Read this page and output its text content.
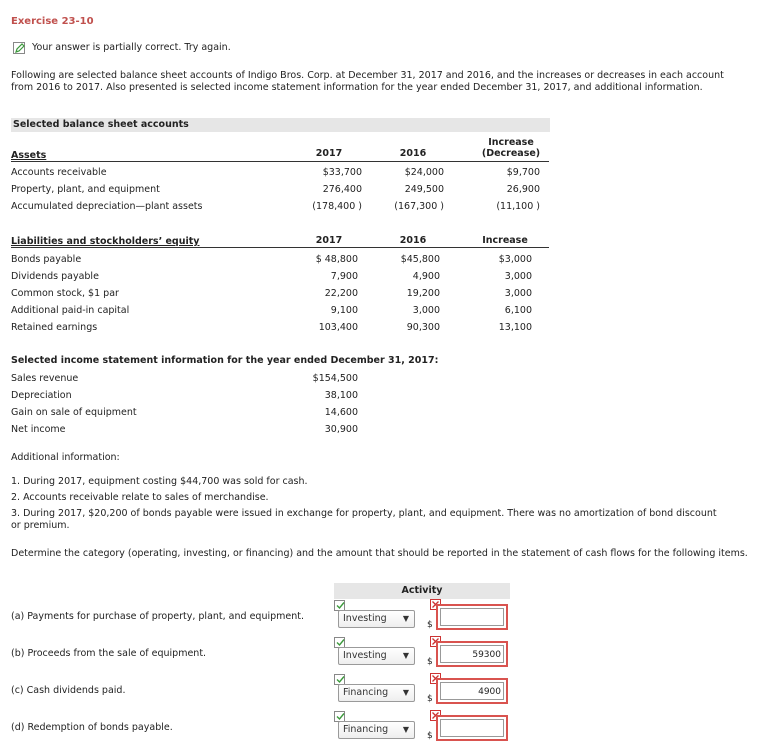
Exercise 23-10
Your answer is partially correct. Try again.
Following are selected balance sheet accounts of Indigo Bros. Corp. at December 31, 2017 and 2016, and the increases or decreases in each account from 2016 to 2017. Also presented is selected income statement information for the year ended December 31, 2017, and additional information.
Selected balance sheet accounts
Increase
(Decrease)
Assets	2017	2016
Accounts receivable	$33,700	$24,000	$9,700
Property, plant, and equipment	276,400	249,500	26,900
Accumulated depreciation—plant assets	(178,400 )	(167,300 )	(11,100 )
Liabilities and stockholders’ equity	2017	2016	Increase
Bonds payable	$ 48,800	$45,800	$3,000
Dividends payable	7,900	4,900	3,000
Common stock, $1 par	22,200	19,200	3,000
Additional paid-in capital	9,100	3,000	6,100
Retained earnings	103,400	90,300	13,100
Selected income statement information for the year ended December 31, 2017:
Sales revenue	$154,500
Depreciation	38,100
Gain on sale of equipment	14,600
Net income	30,900
Additional information:
1. During 2017, equipment costing $44,700 was sold for cash.
2. Accounts receivable relate to sales of merchandise.
3. During 2017, $20,200 of bonds payable were issued in exchange for property, plant, and equipment. There was no amortization of bond discount or premium.
Determine the category (operating, investing, or financing) and the amount that should be reported in the statement of cash flows for the following items.
Activity
(a) Payments for purchase of property, plant, and equipment.	Investing ▼
$
(b) Proceeds from the sale of equipment.	Investing ▼
$
59300
(c) Cash dividends paid.	Financing ▼
$
4900
(d) Redemption of bonds payable.	Financing ▼
$
